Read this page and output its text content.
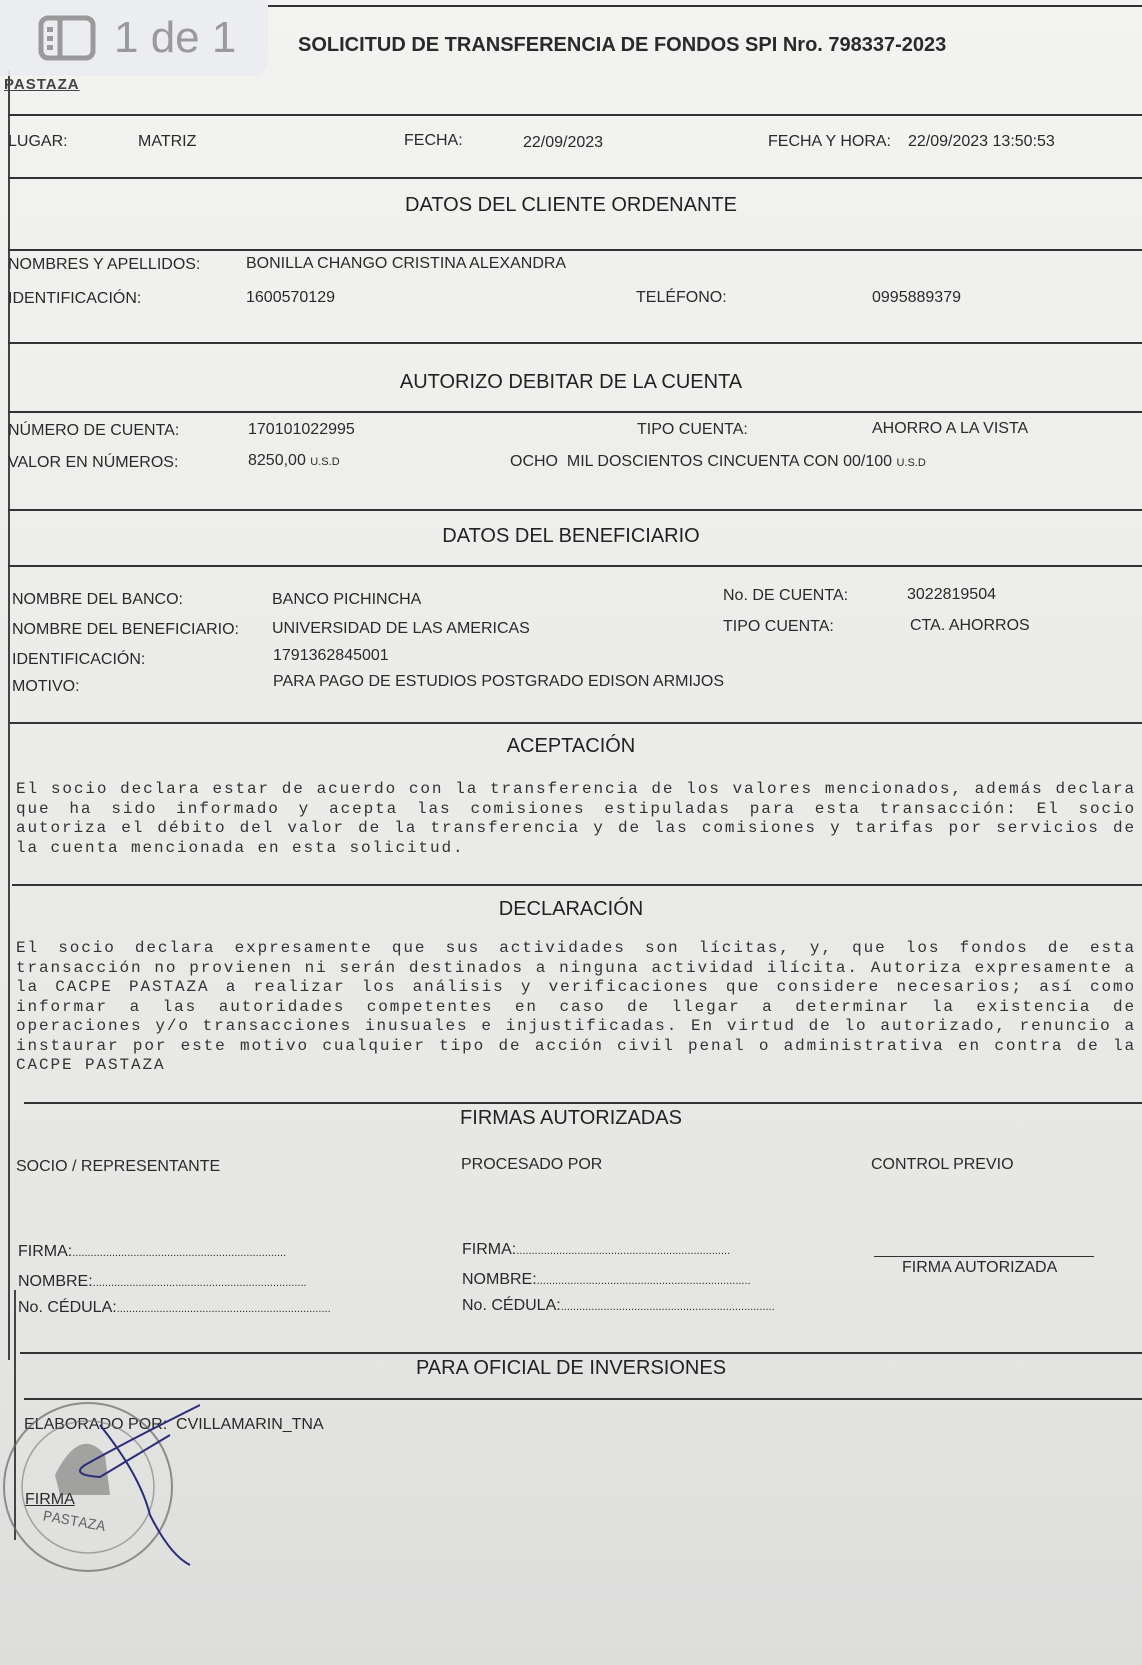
SOLICITUD DE TRANSFERENCIA DE FONDOS SPI Nro. 798337-2023
PASTAZA
LUGAR:	MATRIZ	FECHA:	22/09/2023	FECHA Y HORA: 22/09/2023 13:50:53
DATOS DEL CLIENTE ORDENANTE
NOMBRES Y APELLIDOS:	BONILLA CHANGO CRISTINA ALEXANDRA
IDENTIFICACIÓN:	1600570129	TELÉFONO:	0995889379
AUTORIZO DEBITAR DE LA CUENTA
NÚMERO DE CUENTA:	170101022995	TIPO CUENTA:	AHORRO A LA VISTA
VALOR EN NÚMEROS:	8250,00 U.S.D	OCHO  MIL DOSCIENTOS CINCUENTA CON 00/100 U.S.D
DATOS DEL BENEFICIARIO
NOMBRE DEL BANCO:	BANCO PICHINCHA	No. DE CUENTA:	3022819504
NOMBRE DEL BENEFICIARIO: UNIVERSIDAD DE LAS AMERICAS	TIPO CUENTA:	CTA. AHORROS
IDENTIFICACIÓN:	1791362845001
MOTIVO:	PARA PAGO DE ESTUDIOS POSTGRADO EDISON ARMIJOS
ACEPTACIÓN
El socio declara estar de acuerdo con la transferencia de los valores mencionados, además declara que ha sido informado y acepta las comisiones estipuladas para esta transacción: El socio autoriza el débito del valor de la transferencia y de las comisiones y tarifas por servicios de la cuenta mencionada en esta solicitud.
DECLARACIÓN
El socio declara expresamente que sus actividades son lícitas, y, que los fondos de esta transacción no provienen ni serán destinados a ninguna actividad ilícita. Autoriza expresamente a la CACPE PASTAZA a realizar los análisis y verificaciones que considere necesarios; así como informar a las autoridades competentes en caso de llegar a determinar la existencia de operaciones y/o transacciones inusuales e injustificadas. En virtud de lo autorizado, renuncio a instaurar por este motivo cualquier tipo de acción civil penal o administrativa en contra de la CACPE PASTAZA
FIRMAS AUTORIZADAS
SOCIO / REPRESENTANTE	PROCESADO POR	CONTROL PREVIO
FIRMA:......................................................................
NOMBRE:......................................................................
No. CÉDULA:......................................................................
FIRMA:......................................................................
NOMBRE:......................................................................
No. CÉDULA:......................................................................
FIRMA AUTORIZADA
PARA OFICIAL DE INVERSIONES
ELABORADO POR: CVILLAMARIN_TNA
FIRMA
PASTAZA
1 de 1
